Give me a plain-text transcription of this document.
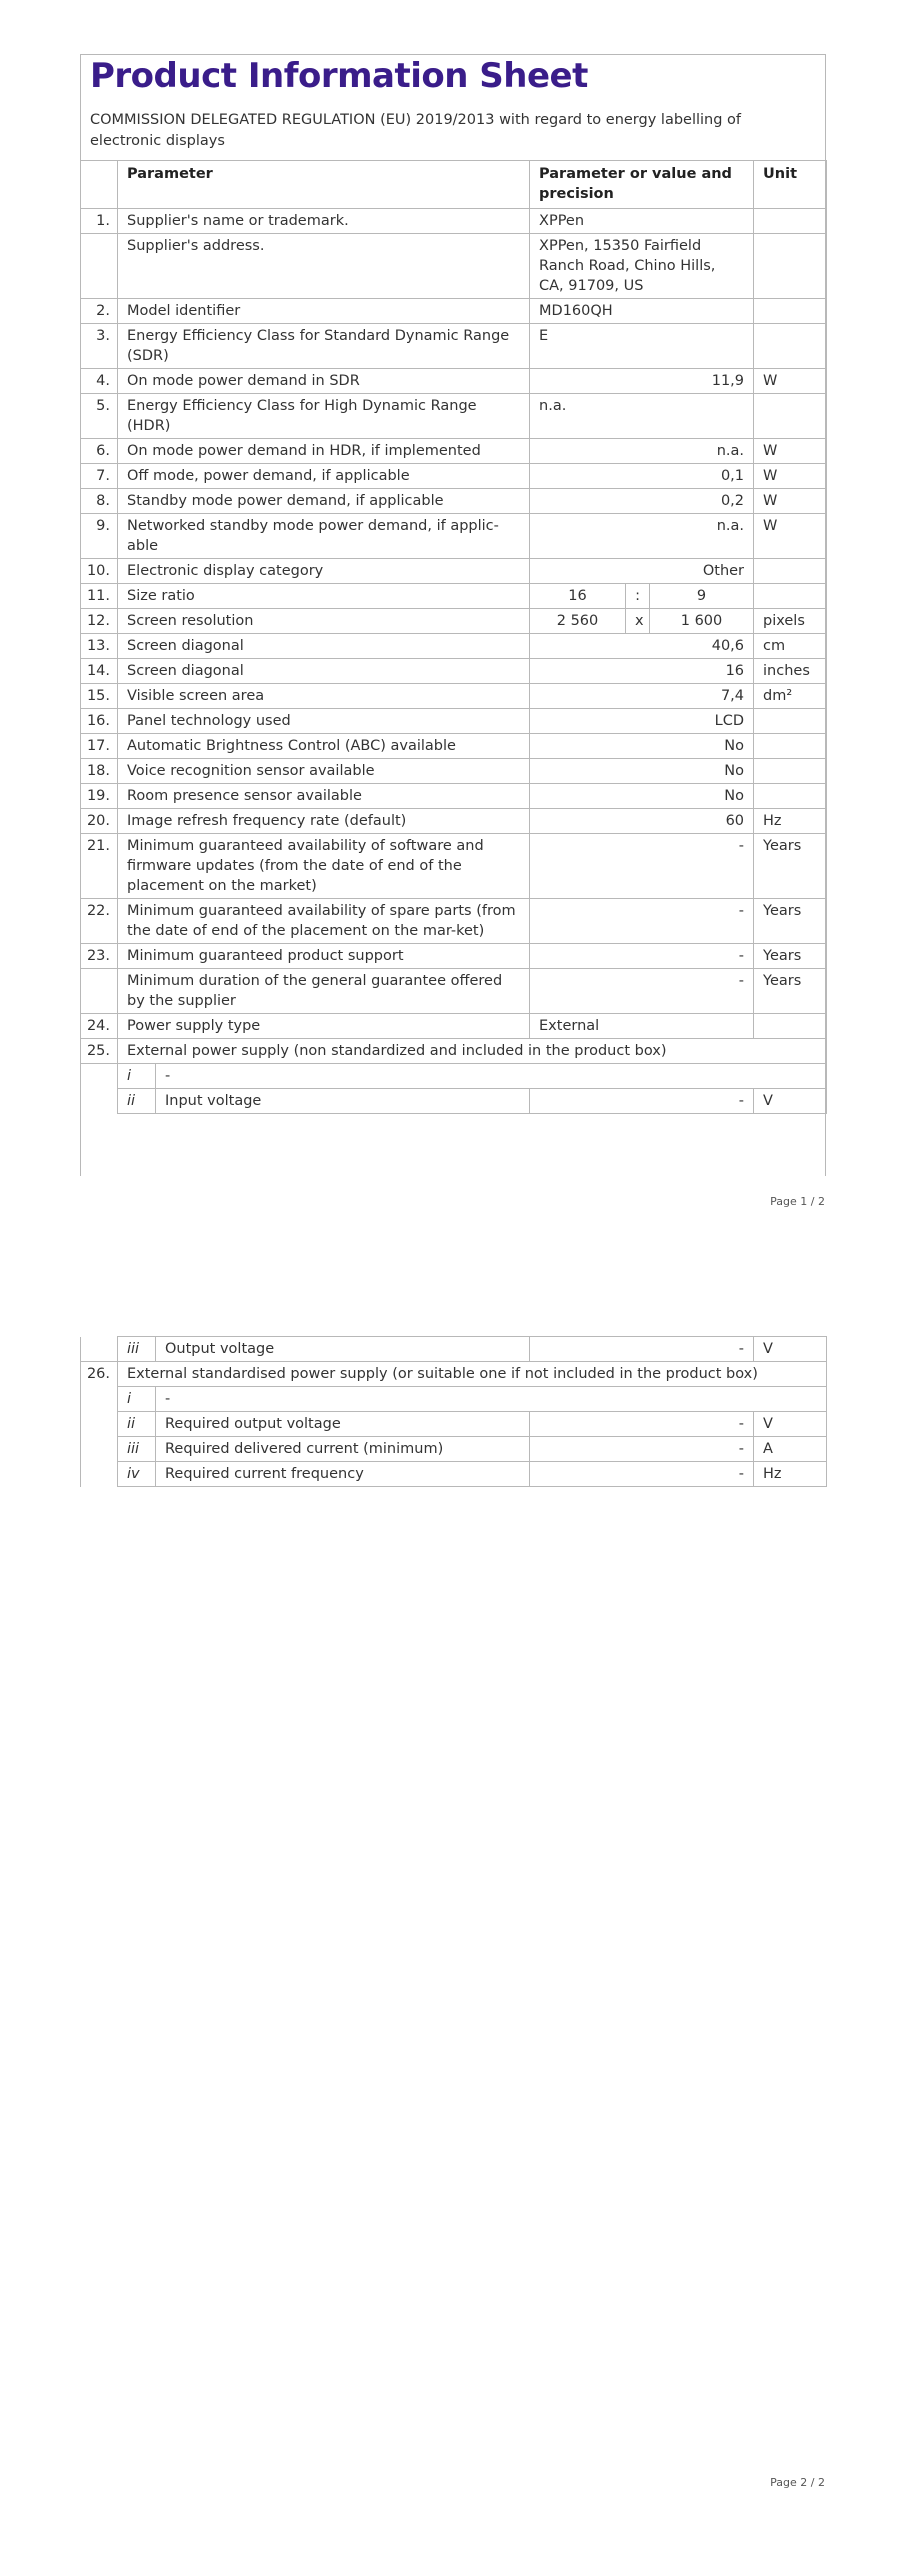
Product Information Sheet
COMMISSION DELEGATED REGULATION (EU) 2019/2013 with regard to energy labelling of electronic displays
	Parameter		Parameter or value and precision			Unit
1.	Supplier's name or trademark.		XPPen			
	Supplier's address.		XPPen, 15350 Fairfield Ranch Road, Chino Hills, CA, 91709, US			
2.	Model identifier		MD160QH			
3.	Energy Efficiency Class for Standard Dynamic Range (SDR)		E			
4.	On mode power demand in SDR		11,9			W
5.	Energy Efficiency Class for High Dynamic Range (HDR)		n.a.			
6.	On mode power demand in HDR, if implemented		n.a.			W
7.	Off mode, power demand, if applicable		0,1			W
8.	Standby mode power demand, if applicable		0,2			W
9.	Networked standby mode power demand, if applic-able		n.a.			W
10.	Electronic display category		Other			
11.	Size ratio		16	:	9	
12.	Screen resolution		2 560	x	1 600	pixels
13.	Screen diagonal		40,6			cm
14.	Screen diagonal		16			inches
15.	Visible screen area		7,4			dm²
16.	Panel technology used		LCD			
17.	Automatic Brightness Control (ABC) available		No			
18.	Voice recognition sensor available		No			
19.	Room presence sensor available		No			
20.	Image refresh frequency rate (default)		60			Hz
21.	Minimum guaranteed availability of software and firmware updates (from the date of end of the placement on the market)		-			Years
22.	Minimum guaranteed availability of spare parts (from the date of end of the placement on the mar-ket)		-			Years
23.	Minimum guaranteed product support		-			Years
	Minimum duration of the general guarantee offered by the supplier		-			Years
24.	Power supply type		External			
25.	External power supply (non standardized and included in the product box)					
	i	-				
	ii	Input voltage	-			V
Page 1 / 2
	iii	Output voltage	-	V
26.	External standardised power supply (or suitable one if not included in the product box)			
	i	-		
	ii	Required output voltage	-	V
	iii	Required delivered current (minimum)	-	A
	iv	Required current frequency	-	Hz
Page 2 / 2
